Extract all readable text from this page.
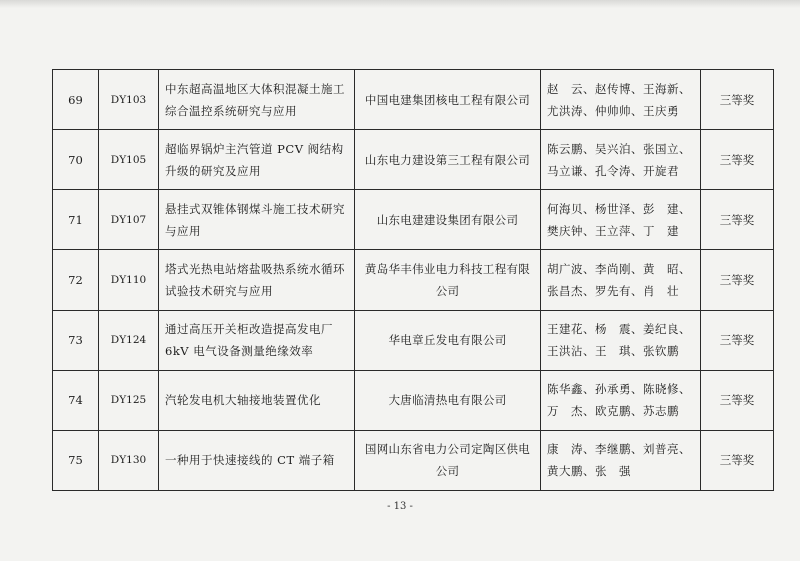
69	DY103	中东超高温地区大体积混凝土施工综合温控系统研究与应用	中国电建集团核电工程有限公司	赵　云、赵传博、王海新、尤洪涛、仲帅帅、王庆勇	三等奖
70	DY105	超临界锅炉主汽管道 PCV 阀结构升级的研究及应用	山东电力建设第三工程有限公司	陈云鹏、吴兴泊、张国立、马立谦、孔令涛、开旋君	三等奖
71	DY107	悬挂式双锥体钢煤斗施工技术研究与应用	山东电建建设集团有限公司	何海贝、杨世泽、彭　建、樊庆钟、王立萍、丁　建	三等奖
72	DY110	塔式光热电站熔盐吸热系统水循环试验技术研究与应用	黄岛华丰伟业电力科技工程有限公司	胡广波、李尚刚、黄　昭、张昌杰、罗先有、肖　壮	三等奖
73	DY124	通过高压开关柜改造提高发电厂 6kV 电气设备测量绝缘效率	华电章丘发电有限公司	王建花、杨　震、姜纪良、王洪沾、王　琪、张钦鹏	三等奖
74	DY125	汽轮发电机大轴接地装置优化	大唐临清热电有限公司	陈华鑫、孙承勇、陈晓修、万　杰、欧克鹏、苏志鹏	三等奖
75	DY130	一种用于快速接线的 CT 端子箱	国网山东省电力公司定陶区供电公司	康　涛、李继鹏、刘普亮、黄大鹏、张　强	三等奖
- 13 -
